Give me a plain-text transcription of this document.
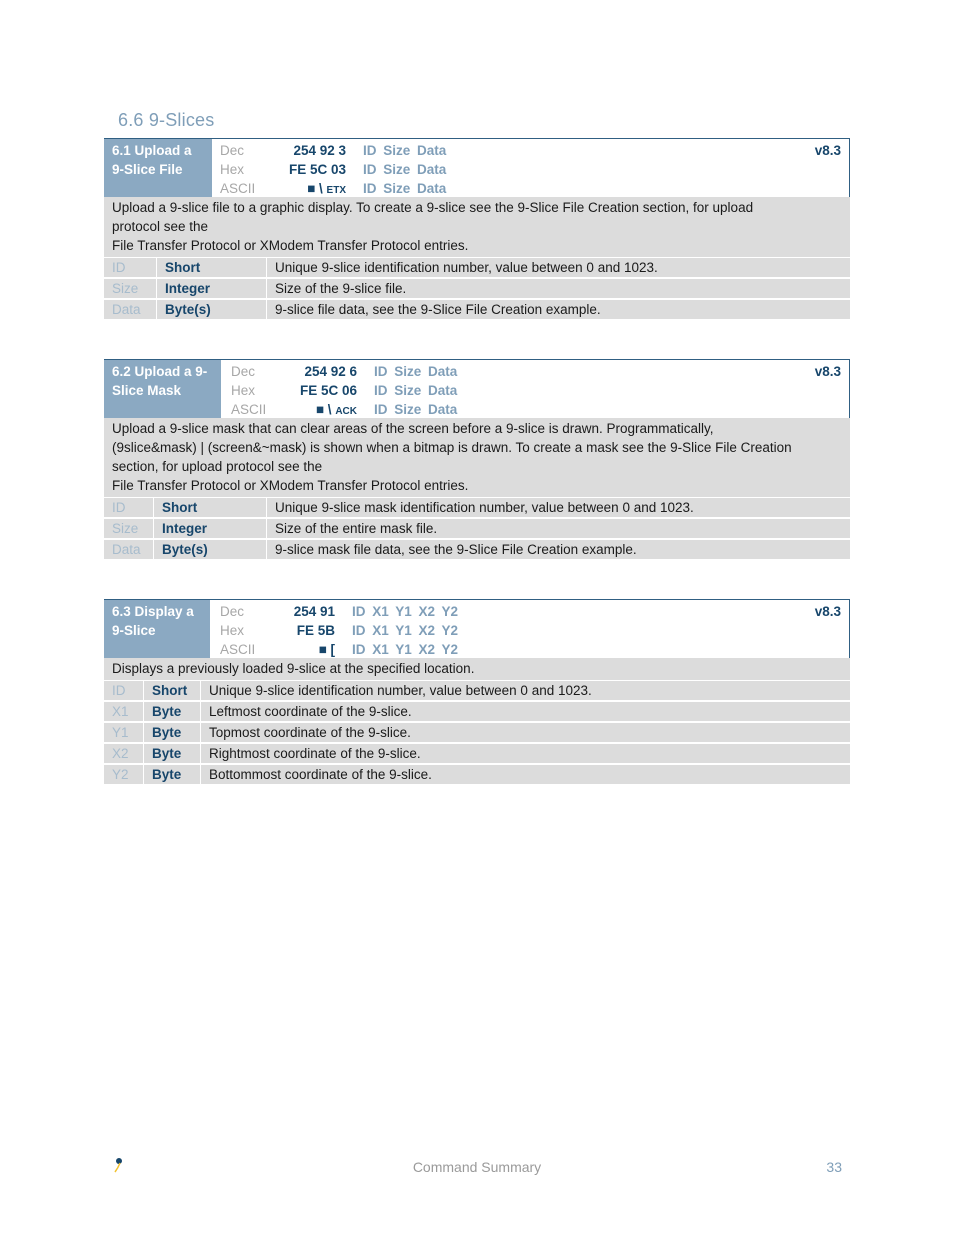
6.6 9-Slices
6.1 Upload a
9-Slice File
Dec	254 92 3 ID Size Data
Hex	FE 5C 03 ID Size Data
ASCII	■ \ ETX ID Size Data
v8.3
Upload a 9-slice file to a graphic display. To create a 9-slice see the 9-Slice File Creation section, for upload
protocol see the
File Transfer Protocol or XModem Transfer Protocol entries.
ID	Short	Unique 9-slice identification number, value between 0 and 1023.
Size	Integer	Size of the 9-slice file.
Data	Byte(s)	9-slice file data, see the 9-Slice File Creation example.
6.2 Upload a 9-
Slice Mask
Dec	254 92 6 ID Size Data
Hex	FE 5C 06 ID Size Data
ASCII	■ \ ACK ID Size Data
v8.3
Upload a 9-slice mask that can clear areas of the screen before a 9-slice is drawn. Programmatically,
(9slice&mask) | (screen&~mask) is shown when a bitmap is drawn. To create a mask see the 9-Slice File Creation
section, for upload protocol see the
File Transfer Protocol or XModem Transfer Protocol entries.
ID	Short	Unique 9-slice mask identification number, value between 0 and 1023.
Size	Integer	Size of the entire mask file.
Data	Byte(s)	9-slice mask file data, see the 9-Slice File Creation example.
6.3 Display a
9-Slice
Dec	254 91 ID X1 Y1 X2 Y2
Hex	FE 5B ID X1 Y1 X2 Y2
ASCII	■ [ ID X1 Y1 X2 Y2
v8.3
Displays a previously loaded 9-slice at the specified location.
ID	Short	Unique 9-slice identification number, value between 0 and 1023.
X1	Byte	Leftmost coordinate of the 9-slice.
Y1	Byte	Topmost coordinate of the 9-slice.
X2	Byte	Rightmost coordinate of the 9-slice.
Y2	Byte	Bottommost coordinate of the 9-slice.
Command Summary	33
